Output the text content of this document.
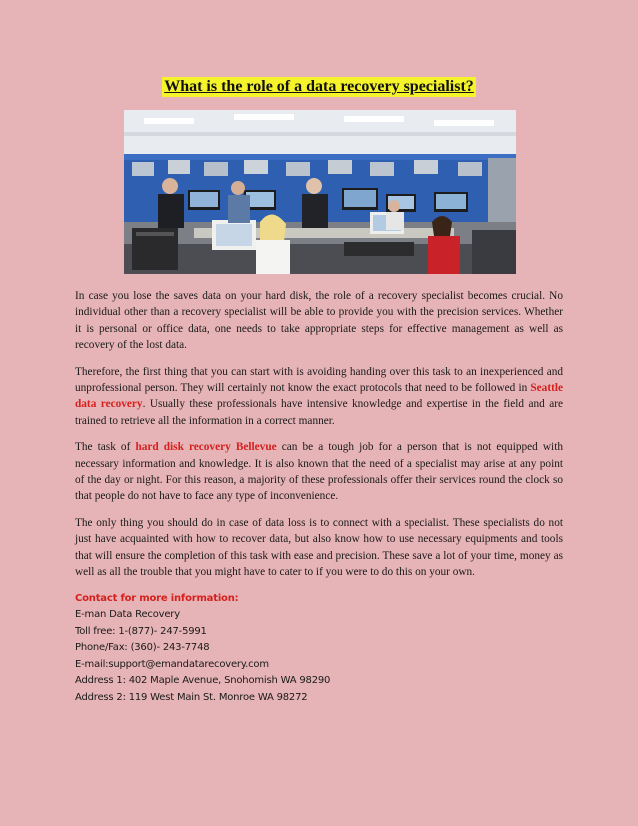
What is the role of a data recovery specialist?

In case you lose the saves data on your hard disk, the role of a recovery specialist becomes crucial. No individual other than a recovery specialist will be able to provide you with the precision services. Whether it is personal or office data, one needs to take appropriate steps for effective management as well as recovery of the lost data.

Therefore, the first thing that you can start with is avoiding handing over this task to an inexperienced and unprofessional person. They will certainly not know the exact protocols that need to be followed in Seattle data recovery. Usually these professionals have intensive knowledge and expertise in the field and are trained to retrieve all the information in a correct manner.

The task of hard disk recovery Bellevue can be a tough job for a person that is not equipped with necessary information and knowledge. It is also known that the need of a specialist may arise at any point of the day or night. For this reason, a majority of these professionals offer their services round the clock so that people do not have to face any type of inconvenience.

The only thing you should do in case of data loss is to connect with a specialist. These specialists do not just have acquainted with how to recover data, but also know how to use necessary equipments and tools that will ensure the completion of this task with ease and precision. These save a lot of your time, money as well as all the trouble that you might have to cater to if you were to do this on your own.

Contact for more information:
E-man Data Recovery
Toll free: 1-(877)- 247-5991
Phone/Fax: (360)- 243-7748
E-mail:support@emandatarecovery.com
Address 1: 402 Maple Avenue, Snohomish WA 98290
Address 2: 119 West Main St. Monroe WA 98272
